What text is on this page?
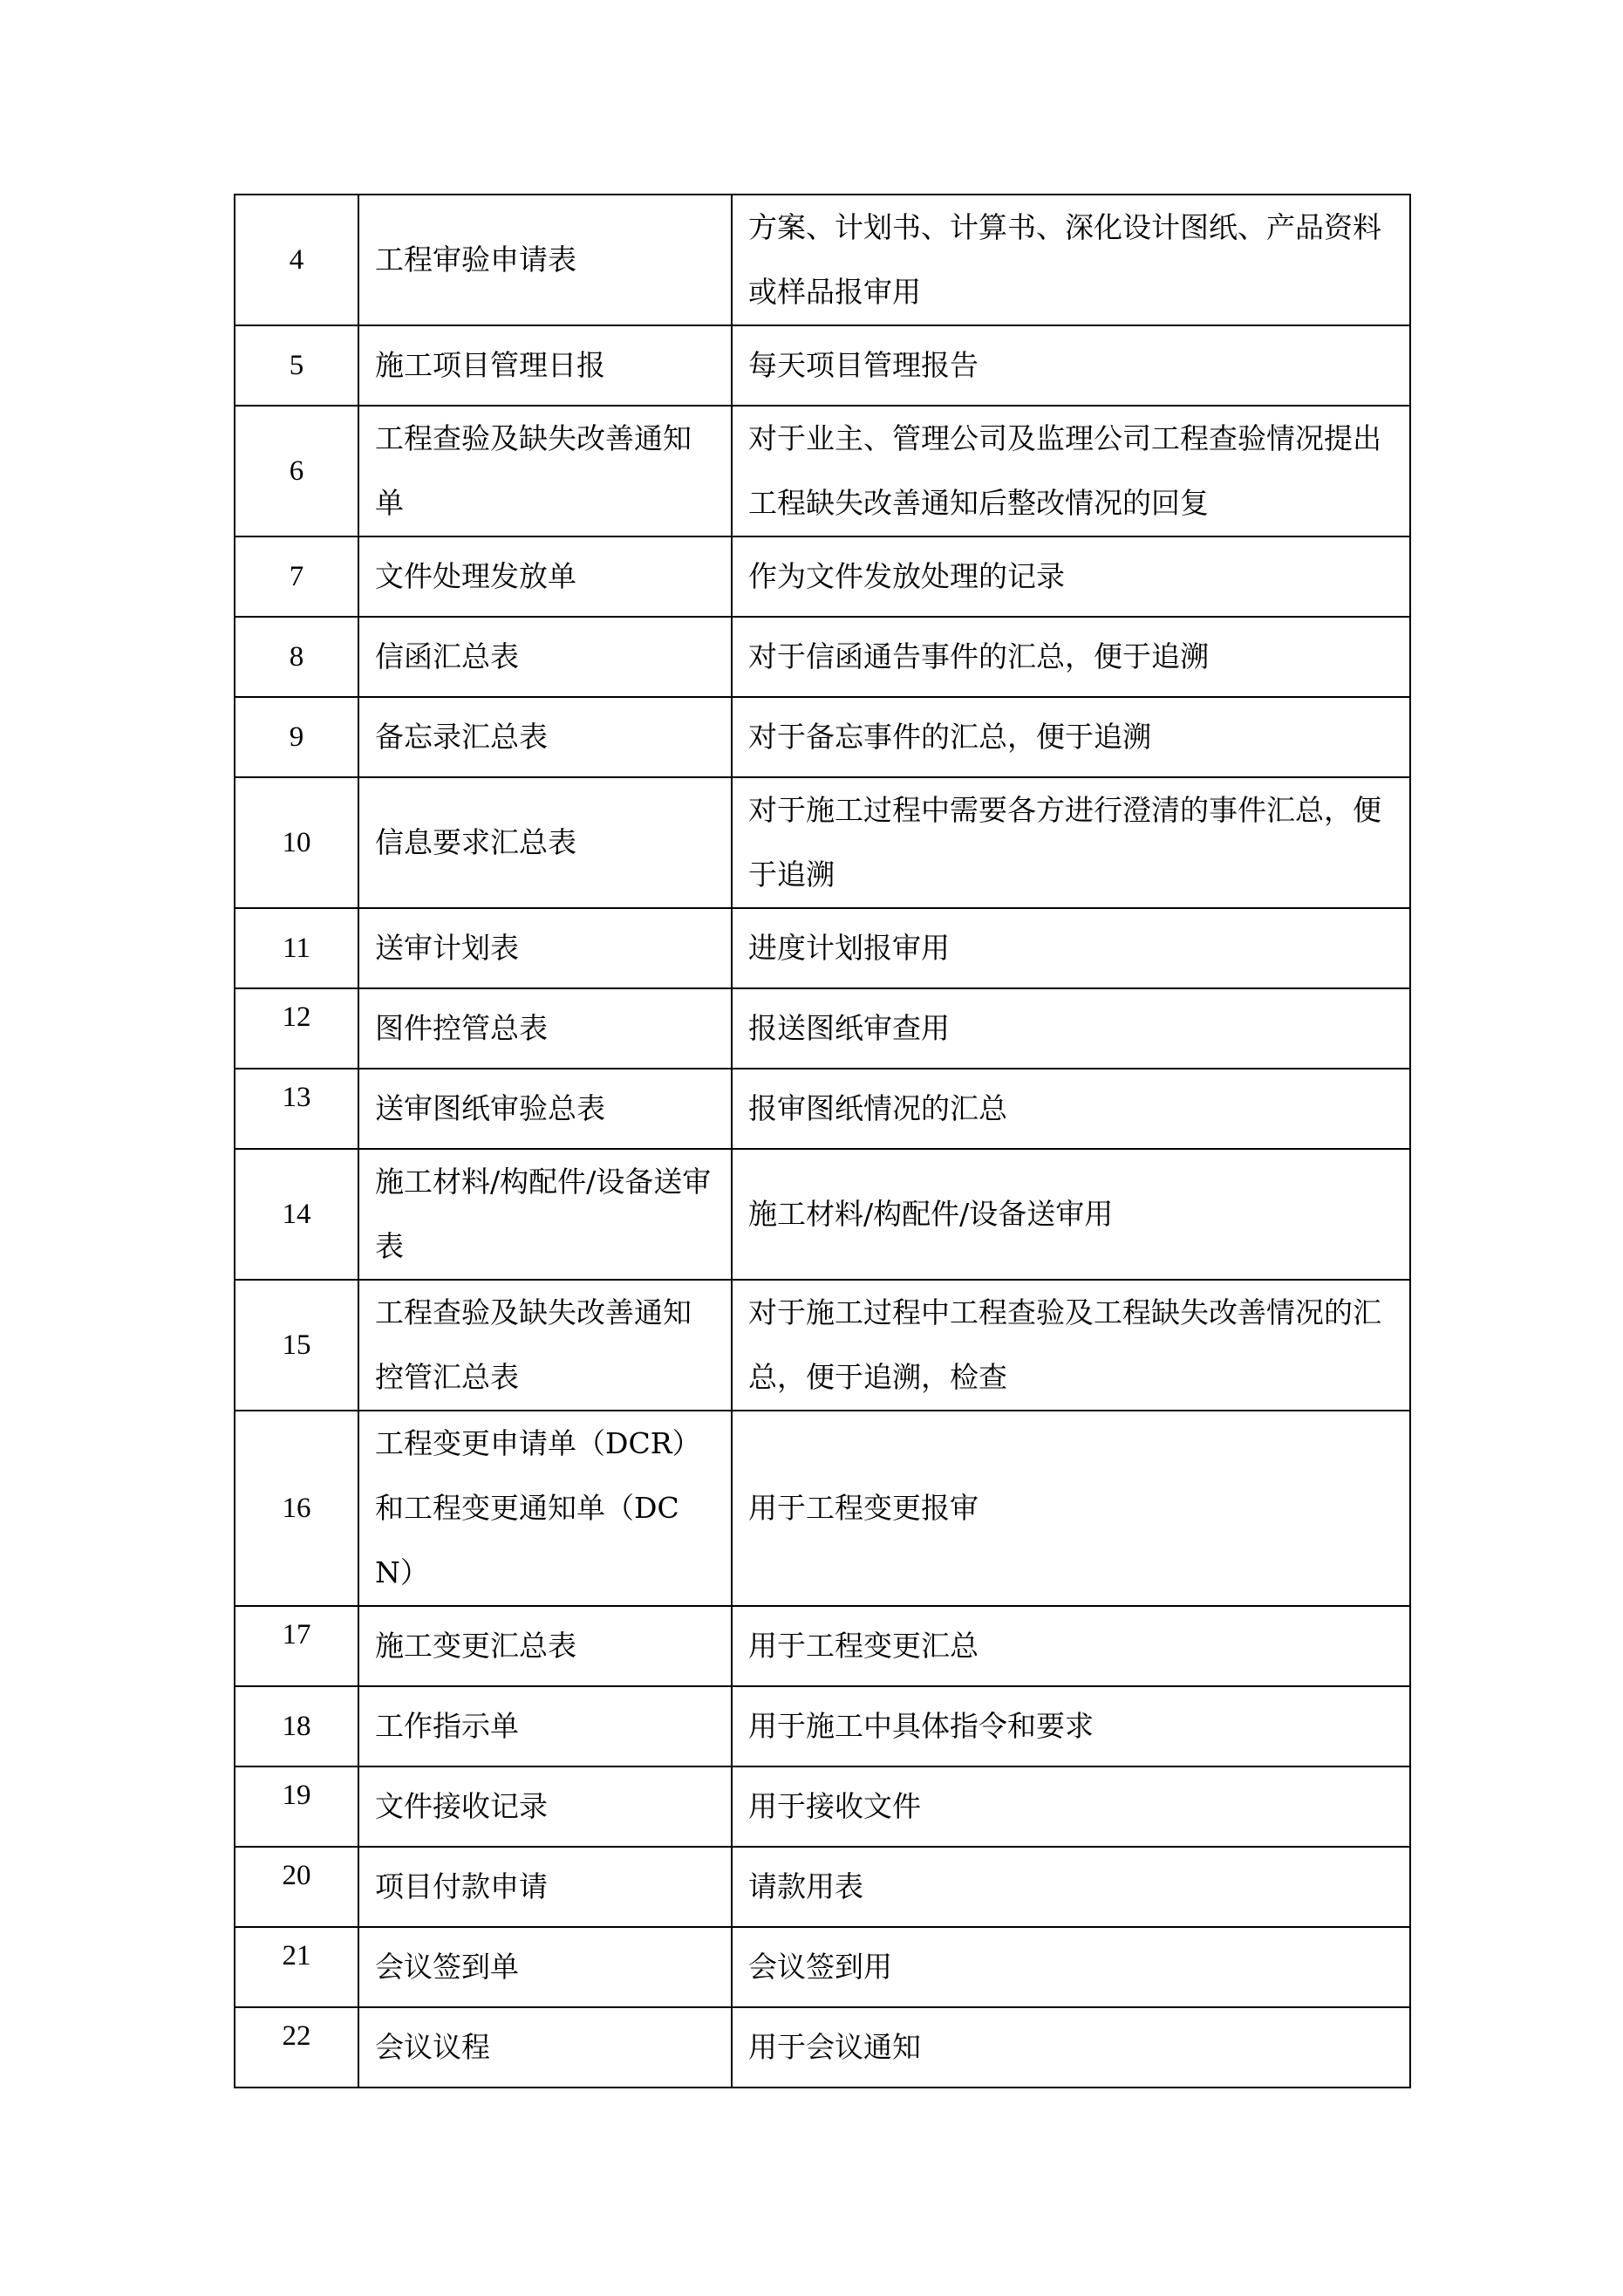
4	工程审验申请表	方案、计划书、计算书、深化设计图纸、产品资料或样品报审用

5	施工项目管理日报	每天项目管理报告

6	工程查验及缺失改善通知单	对于业主、管理公司及监理公司工程查验情况提出工程缺失改善通知后整改情况的回复

7	文件处理发放单	作为文件发放处理的记录

8	信函汇总表	对于信函通告事件的汇总，便于追溯

9	备忘录汇总表	对于备忘事件的汇总，便于追溯

10	信息要求汇总表	对于施工过程中需要各方进行澄清的事件汇总，便于追溯

11	送审计划表	进度计划报审用

12	图件控管总表	报送图纸审查用

13	送审图纸审验总表	报审图纸情况的汇总

14	施工材料/构配件/设备送审表	施工材料/构配件/设备送审用

15	工程查验及缺失改善通知控管汇总表	对于施工过程中工程查验及工程缺失改善情况的汇总，便于追溯，检查

16	工程变更申请单（DCR）和工程变更通知单（DCN）	用于工程变更报审

17	施工变更汇总表	用于工程变更汇总

18	工作指示单	用于施工中具体指令和要求

19	文件接收记录	用于接收文件

20	项目付款申请	请款用表

21	会议签到单	会议签到用

22	会议议程	用于会议通知
